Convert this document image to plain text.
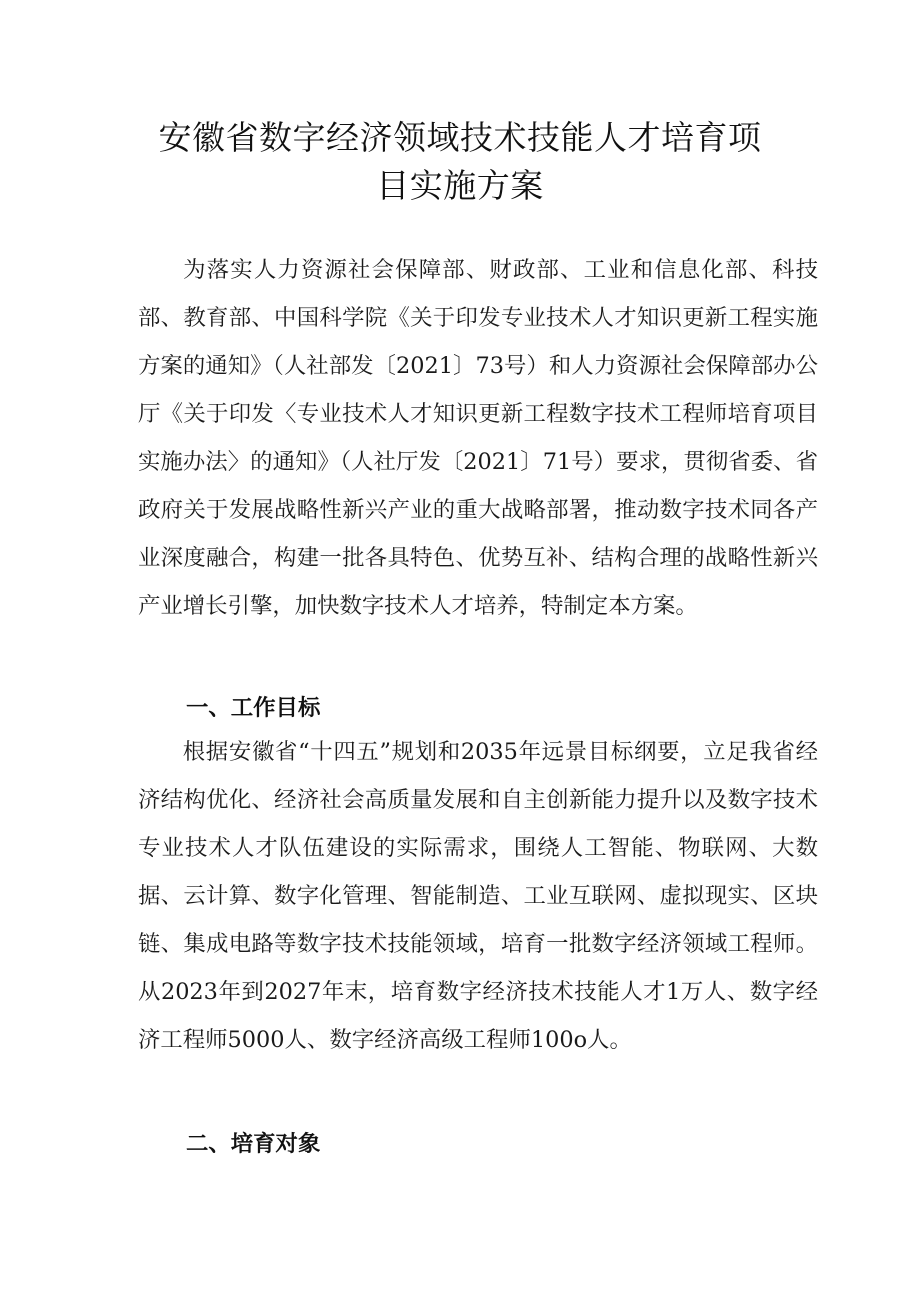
安徽省数字经济领域技术技能人才培育项
目实施方案
为落实人力资源社会保障部、财政部、工业和信息化部、科技部、教育部、中国科学院《关于印发专业技术人才知识更新工程实施方案的通知》（人社部发〔2021〕73号）和人力资源社会保障部办公厅《关于印发〈专业技术人才知识更新工程数字技术工程师培育项目实施办法〉的通知》（人社厅发〔2021〕71号）要求，贯彻省委、省政府关于发展战略性新兴产业的重大战略部署，推动数字技术同各产业深度融合，构建一批各具特色、优势互补、结构合理的战略性新兴产业增长引擎，加快数字技术人才培养，特制定本方案。
一、工作目标
根据安徽省“十四五”规划和2035年远景目标纲要，立足我省经济结构优化、经济社会高质量发展和自主创新能力提升以及数字技术专业技术人才队伍建设的实际需求，围绕人工智能、物联网、大数据、云计算、数字化管理、智能制造、工业互联网、虚拟现实、区块链、集成电路等数字技术技能领域，培育一批数字经济领域工程师。从2023年到2027年末，培育数字经济技术技能人才1万人、数字经济工程师5000人、数字经济高级工程师100o人。
二、培育对象
